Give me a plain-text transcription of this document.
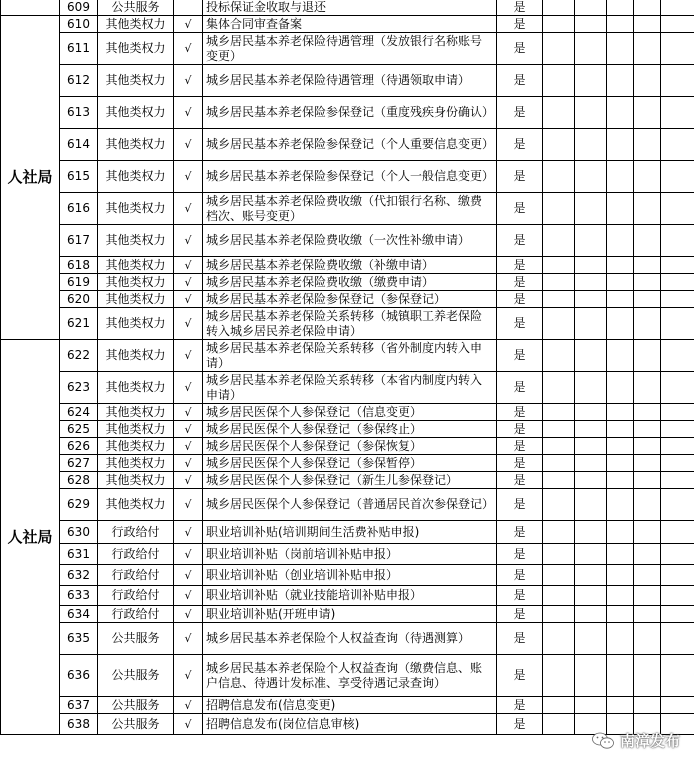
	609	公共服务		投标保证金收取与退还	是					
人社局	610	其他类权力	√	集体合同审查备案	是					
	611	其他类权力	√	城乡居民基本养老保险待遇管理（发放银行名称账号变更）	是					
	612	其他类权力	√	城乡居民基本养老保险待遇管理（待遇领取申请）	是					
	613	其他类权力	√	城乡居民基本养老保险参保登记（重度残疾身份确认）	是					
	614	其他类权力	√	城乡居民基本养老保险参保登记（个人重要信息变更）	是					
	615	其他类权力	√	城乡居民基本养老保险参保登记（个人一般信息变更）	是					
	616	其他类权力	√	城乡居民基本养老保险费收缴（代扣银行名称、缴费档次、账号变更）	是					
	617	其他类权力	√	城乡居民基本养老保险费收缴（一次性补缴申请）	是					
	618	其他类权力	√	城乡居民基本养老保险费收缴（补缴申请）	是					
	619	其他类权力	√	城乡居民基本养老保险费收缴（缴费申请）	是					
	620	其他类权力	√	城乡居民基本养老保险参保登记（参保登记）	是					
	621	其他类权力	√	城乡居民基本养老保险关系转移（城镇职工养老保险转入城乡居民养老保险申请）	是					
人社局	622	其他类权力	√	城乡居民基本养老保险关系转移（省外制度内转入申请）	是					
	623	其他类权力	√	城乡居民基本养老保险关系转移（本省内制度内转入申请）	是					
	624	其他类权力	√	城乡居民医保个人参保登记（信息变更）	是					
	625	其他类权力	√	城乡居民医保个人参保登记（参保终止）	是					
	626	其他类权力	√	城乡居民医保个人参保登记（参保恢复）	是					
	627	其他类权力	√	城乡居民医保个人参保登记（参保暂停）	是					
	628	其他类权力	√	城乡居民医保个人参保登记（新生儿参保登记）	是					
	629	其他类权力	√	城乡居民医保个人参保登记（普通居民首次参保登记）	是					
	630	行政给付	√	职业培训补贴(培训期间生活费补贴申报)	是					
	631	行政给付	√	职业培训补贴（岗前培训补贴申报）	是					
	632	行政给付	√	职业培训补贴（创业培训补贴申报）	是					
	633	行政给付	√	职业培训补贴（就业技能培训补贴申报）	是					
	634	行政给付	√	职业培训补贴(开班申请)	是					
	635	公共服务	√	城乡居民基本养老保险个人权益查询（待遇测算）	是					
	636	公共服务	√	城乡居民基本养老保险个人权益查询（缴费信息、账户信息、待遇计发标准、享受待遇记录查询）	是					
	637	公共服务	√	招聘信息发布(信息变更)	是					
	638	公共服务	√	招聘信息发布(岗位信息审核)	是					
南漳发布
